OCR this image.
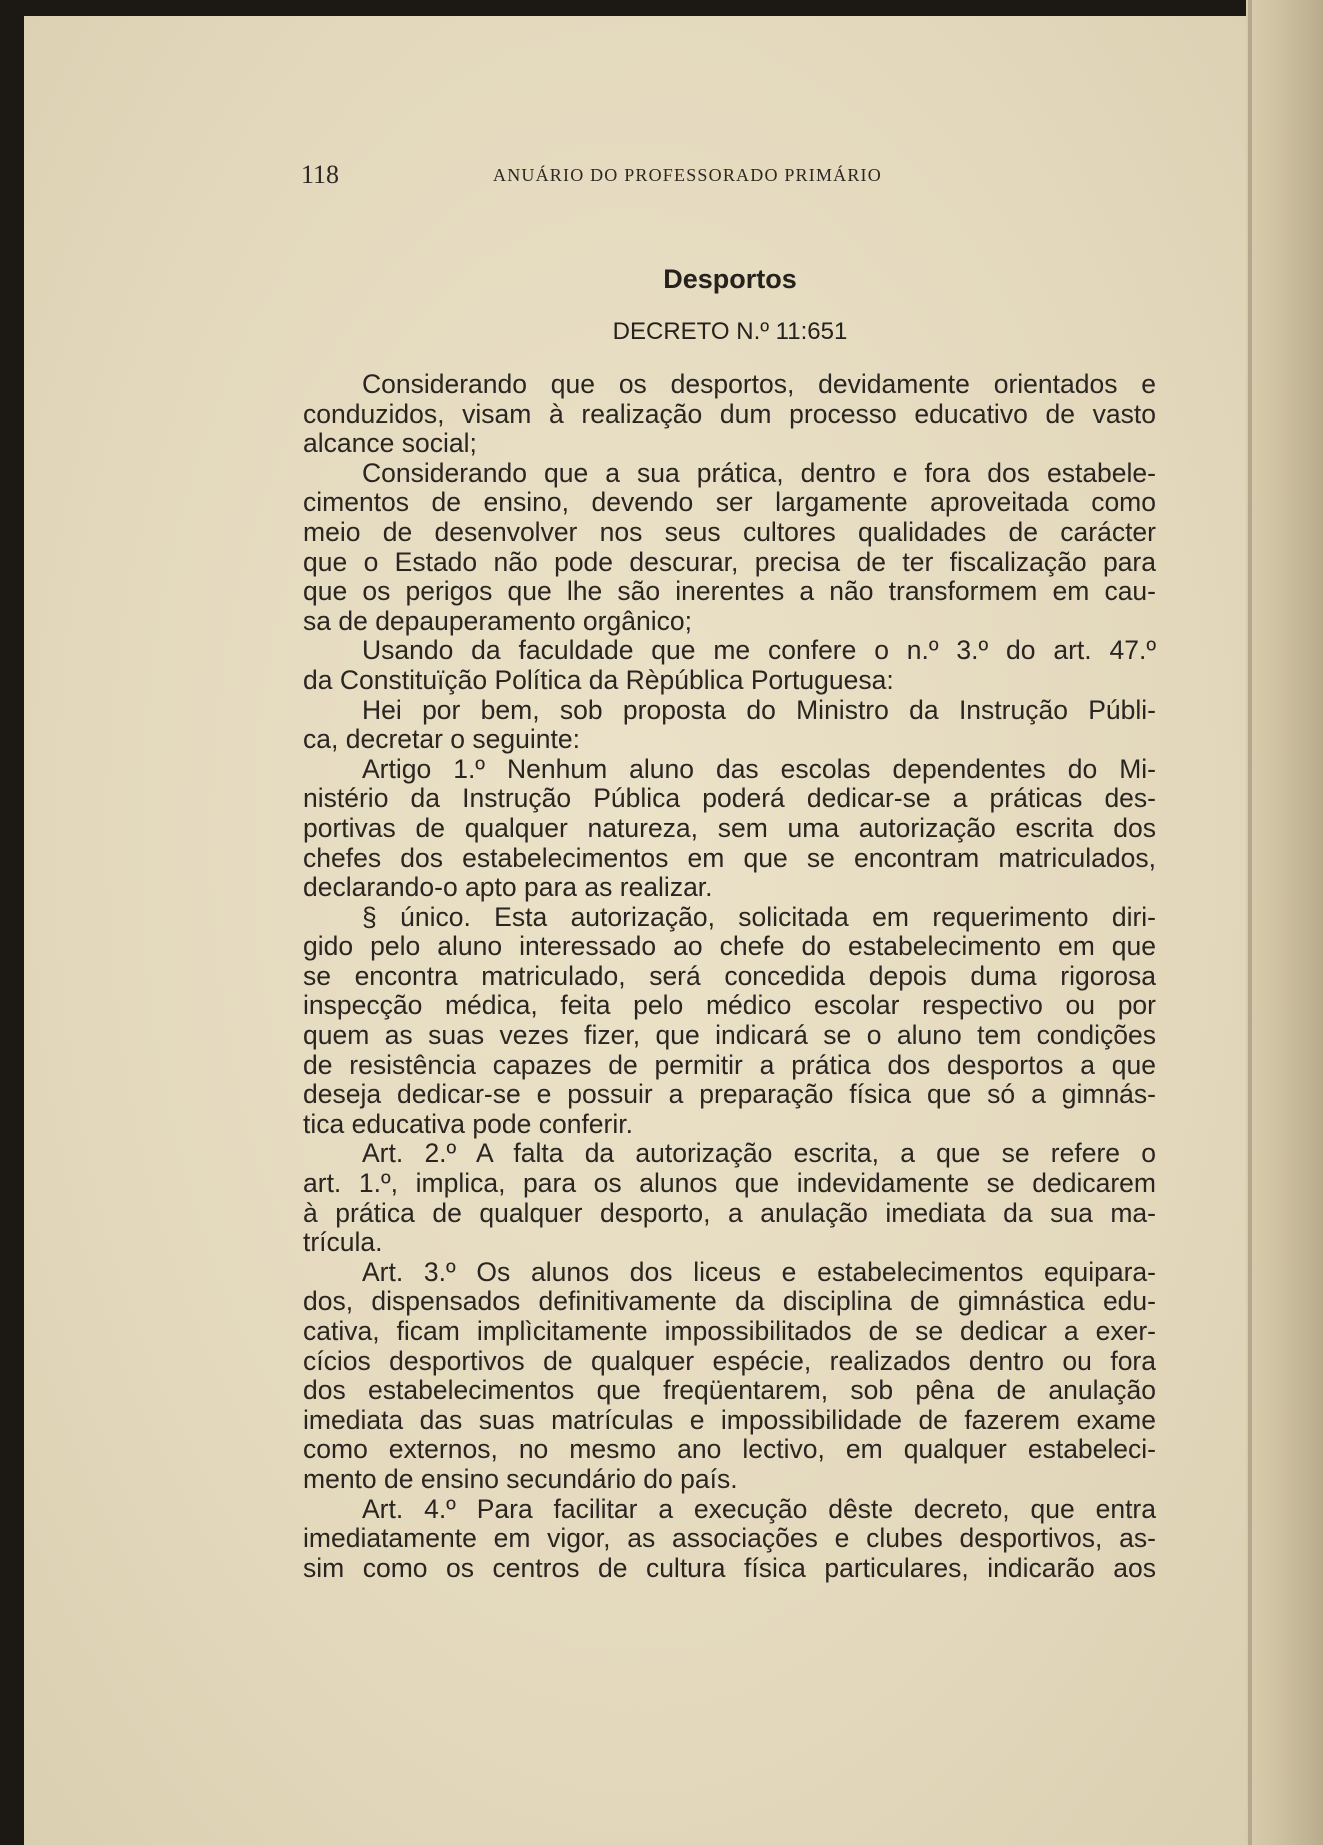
118	ANUÁRIO DO PROFESSORADO PRIMÁRIO
Desportos
DECRETO N.º 11:651
Considerando que os desportos, devidamente orientados e
conduzidos, visam à realização dum processo educativo de vasto
alcance social;
Considerando que a sua prática, dentro e fora dos estabele-
cimentos de ensino, devendo ser largamente aproveitada como
meio de desenvolver nos seus cultores qualidades de carácter
que o Estado não pode descurar, precisa de ter fiscalização para
que os perigos que lhe são inerentes a não transformem em cau-
sa de depauperamento orgânico;
Usando da faculdade que me confere o n.º 3.º do art. 47.º
da Constituïção Política da Rèpública Portuguesa:
Hei por bem, sob proposta do Ministro da Instrução Públi-
ca, decretar o seguinte:
Artigo 1.º Nenhum aluno das escolas dependentes do Mi-
nistério da Instrução Pública poderá dedicar-se a práticas des-
portivas de qualquer natureza, sem uma autorização escrita dos
chefes dos estabelecimentos em que se encontram matriculados,
declarando-o apto para as realizar.
§ único. Esta autorização, solicitada em requerimento diri-
gido pelo aluno interessado ao chefe do estabelecimento em que
se encontra matriculado, será concedida depois duma rigorosa
inspecção médica, feita pelo médico escolar respectivo ou por
quem as suas vezes fizer, que indicará se o aluno tem condições
de resistência capazes de permitir a prática dos desportos a que
deseja dedicar-se e possuir a preparação física que só a gimnás-
tica educativa pode conferir.
Art. 2.º A falta da autorização escrita, a que se refere o
art. 1.º, implica, para os alunos que indevidamente se dedicarem
à prática de qualquer desporto, a anulação imediata da sua ma-
trícula.
Art. 3.º Os alunos dos liceus e estabelecimentos equipara-
dos, dispensados definitivamente da disciplina de gimnástica edu-
cativa, ficam implìcitamente impossibilitados de se dedicar a exer-
cícios desportivos de qualquer espécie, realizados dentro ou fora
dos estabelecimentos que freqüentarem, sob pêna de anulação
imediata das suas matrículas e impossibilidade de fazerem exame
como externos, no mesmo ano lectivo, em qualquer estabeleci-
mento de ensino secundário do país.
Art. 4.º Para facilitar a execução dêste decreto, que entra
imediatamente em vigor, as associações e clubes desportivos, as-
sim como os centros de cultura física particulares, indicarão aos
